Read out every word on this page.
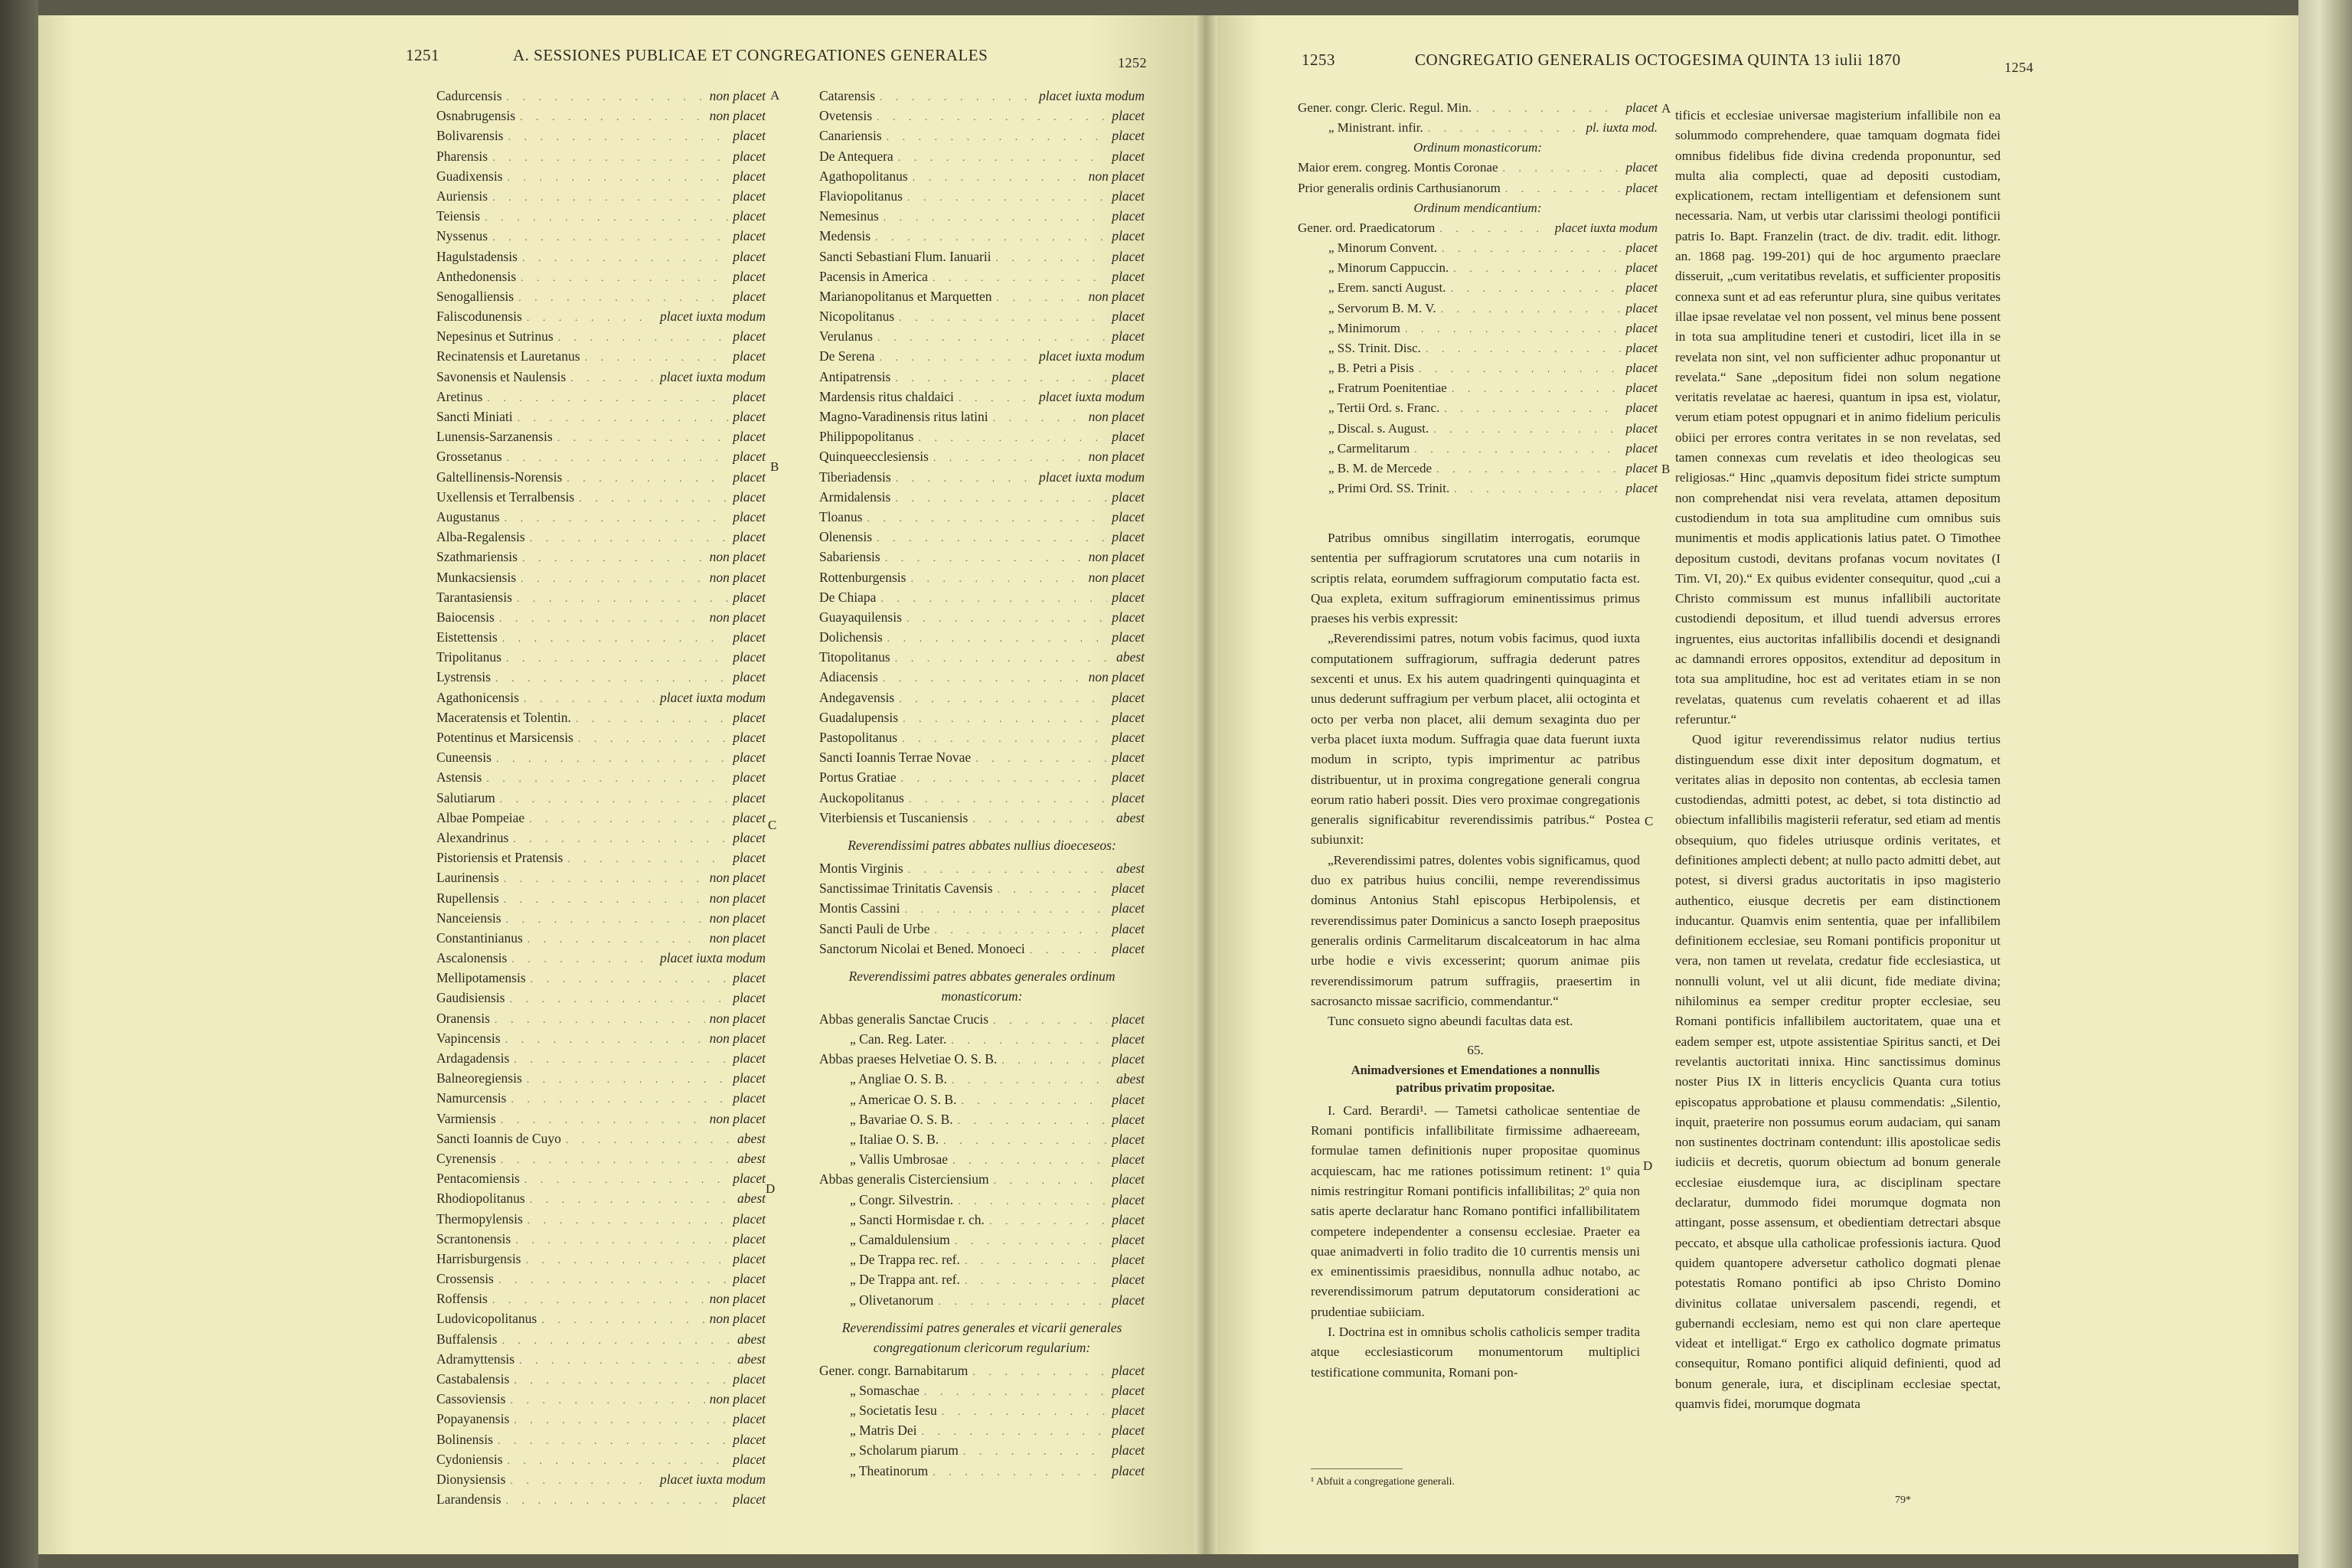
1251	A. SESSIONES PUBLICAE ET CONGREGATIONES GENERALES	1252
Cadurcensis . . .	non placet
Osnabrugensis . . .	non placet
Bolivarensis . . .	placet
Pharensis . . .	placet
Guadixensis . . .	placet
Auriensis . . .	placet
Teiensis . . .	placet
Nyssenus . . .	placet
Hagulstadensis . . .	placet
Anthedonensis . . .	placet
Senogalliensis . . .	placet
Faliscodunensis . . .	placet iuxta modum
Nepesinus et Sutrinus . . .	placet
Recinatensis et Lauretanus . . .	placet
Savonensis et Naulensis . . .	placet iuxta modum
Aretinus . . .	placet
Sancti Miniati . . .	placet
Lunensis-Sarzanensis . . .	placet
Grossetanus . . .	placet
Galtellinensis-Norensis . . .	placet
Uxellensis et Terralbensis . . .	placet
Augustanus . . .	placet
Alba-Regalensis . . .	placet
Szathmariensis . . .	non placet
Munkacsiensis . . .	non placet
Tarantasiensis . . .	placet
Baiocensis . . .	non placet
Eistettensis . . .	placet
Tripolitanus . . .	placet
Lystrensis . . .	placet
Agathonicensis . . .	placet iuxta modum
Maceratensis et Tolentin. . . .	placet
Potentinus et Marsicensis . . .	placet
Cuneensis . . .	placet
Astensis . . .	placet
Salutiarum . . .	placet
Albae Pompeiae . . .	placet
Alexandrinus . . .	placet
Pistoriensis et Pratensis . . .	placet
Laurinensis . . .	non placet
Rupellensis . . .	non placet
Nanceiensis . . .	non placet
Constantinianus . . .	non placet
Ascalonensis . . .	placet iuxta modum
Mellipotamensis . . .	placet
Gaudisiensis . . .	placet
Oranensis . . .	non placet
Vapincensis . . .	non placet
Ardagadensis . . .	placet
Balneoregiensis . . .	placet
Namurcensis . . .	placet
Varmiensis . . .	non placet
Sancti Ioannis de Cuyo . . .	abest
Cyrenensis . . .	abest
Pentacomiensis . . .	placet
Rhodiopolitanus . . .	abest
Thermopylensis . . .	placet
Scrantonensis . . .	placet
Harrisburgensis . . .	placet
Crossensis . . .	placet
Roffensis . . .	non placet
Ludovicopolitanus . . .	non placet
Buffalensis . . .	abest
Adramyttensis . . .	abest
Castabalensis . . .	placet
Cassoviensis . . .	non placet
Popayanensis . . .	placet
Bolinensis . . .	placet
Cydoniensis . . .	placet
Dionysiensis . . .	placet iuxta modum
Larandensis . . .	placet
A
B
C
D
Catarensis . . .	placet iuxta modum
Ovetensis . . .	placet
Canariensis . . .	placet
De Antequera . . .	placet
Agathopolitanus . . .	non placet
Flaviopolitanus . . .	placet
Nemesinus . . .	placet
Medensis . . .	placet
Sancti Sebastiani Flum. Ianuarii . . .	placet
Pacensis in America . . .	placet
Marianopolitanus et Marquetten . . .	non placet
Nicopolitanus . . .	placet
Verulanus . . .	placet
De Serena . . .	placet iuxta modum
Antipatrensis . . .	placet
Mardensis ritus chaldaici . . .	placet iuxta modum
Magno-Varadinensis ritus latini . . .	non placet
Philippopolitanus . . .	placet
Quinqueecclesiensis . . .	non placet
Tiberiadensis . . .	placet iuxta modum
Armidalensis . . .	placet
Tloanus . . .	placet
Olenensis . . .	placet
Sabariensis . . .	non placet
Rottenburgensis . . .	non placet
De Chiapa . . .	placet
Guayaquilensis . . .	placet
Dolichensis . . .	placet
Titopolitanus . . .	abest
Adiacensis . . .	non placet
Andegavensis . . .	placet
Guadalupensis . . .	placet
Pastopolitanus . . .	placet
Sancti Ioannis Terrae Novae . . .	placet
Portus Gratiae . . .	placet
Auckopolitanus . . .	placet
Viterbiensis et Tuscaniensis . . .	abest
Reverendissimi patres abbates nullius dioeceseos:
Montis Virginis . . .	abest
Sanctissimae Trinitatis Cavensis . . .	placet
Montis Cassini . . .	placet
Sancti Pauli de Urbe . . .	placet
Sanctorum Nicolai et Bened. Monoeci . . .	placet
Reverendissimi patres abbates generales ordinum
monasticorum:
Abbas generalis Sanctae Crucis . . .	placet
„ Can. Reg. Later. . . .	placet
Abbas praeses Helvetiae O. S. B. . . .	placet
„ Angliae O. S. B. . . .	abest
„ Americae O. S. B. . . .	placet
„ Bavariae O. S. B. . . .	placet
„ Italiae O. S. B. . . .	placet
„ Vallis Umbrosae . . .	placet
Abbas generalis Cisterciensium . . .	placet
„ Congr. Silvestrin. . . .	placet
„ Sancti Hormisdae r. ch. . . .	placet
„ Camaldulensium . . .	placet
„ De Trappa rec. ref. . . .	placet
„ De Trappa ant. ref. . . .	placet
„ Olivetanorum . . .	placet
Reverendissimi patres generales et vicarii generales
congregationum clericorum regularium:
Gener. congr. Barnabitarum . . .	placet
„ Somaschae . . .	placet
„ Societatis Iesu . . .	placet
„ Matris Dei . . .	placet
„ Scholarum piarum . . .	placet
„ Theatinorum . . .	placet
1253	CONGREGATIO GENERALIS OCTOGESIMA QUINTA 13 iulii 1870	1254
Gener. congr. Cleric. Regul. Min. . . .	placet
„ Ministrant. infir. . . .	pl. iuxta mod.
Ordinum monasticorum:
Maior erem. congreg. Montis Coronae . . .	placet
Prior generalis ordinis Carthusianorum . . .	placet
Ordinum mendicantium:
Gener. ord. Praedicatorum . . .	placet iuxta modum
„ Minorum Convent. . . .	placet
„ Minorum Cappuccin. . . .	placet
„ Erem. sancti August. . . .	placet
„ Servorum B. M. V. . . .	placet
„ Minimorum . . .	placet
„ SS. Trinit. Disc. . . .	placet
„ B. Petri a Pisis . . .	placet
„ Fratrum Poenitentiae . . .	placet
„ Tertii Ord. s. Franc. . . .	placet
„ Discal. s. August. . . .	placet
„ Carmelitarum . . .	placet
„ B. M. de Mercede . . .	placet
„ Primi Ord. SS. Trinit. . . .	placet
A
B
C
D

Patribus omnibus singillatim interrogatis, eorumque sententia per suffragiorum scrutatores una cum notariis in scriptis relata, eorumdem suffragiorum computatio facta est. Qua expleta, exitum suffragiorum eminentissimus primus praeses his verbis expressit:

„Reverendissimi patres, notum vobis facimus, quod iuxta computationem suffragiorum, suffragia dederunt patres sexcenti et unus. Ex his autem quadringenti quinquaginta et unus dederunt suffragium per verbum placet, alii octoginta et octo per verba non placet, alii demum sexaginta duo per verba placet iuxta modum. Suffragia quae data fuerunt iuxta modum in scripto, typis imprimentur ac patribus distribuentur, ut in proxima congregatione generali congrua eorum ratio haberi possit. Dies vero proximae congregationis generalis significabitur reverendissimis patribus.“ Postea subiunxit:

„Reverendissimi patres, dolentes vobis significamus, quod duo ex patribus huius concilii, nempe reverendissimus dominus Antonius Stahl episcopus Herbipolensis, et reverendissimus pater Dominicus a sancto Ioseph praepositus generalis ordinis Carmelitarum discalceatorum in hac alma urbe hodie e vivis excesserint; quorum animae piis reverendissimorum patrum suffragiis, praesertim in sacrosancto missae sacrificio, commendantur.“

Tunc consueto signo abeundi facultas data est.

65.
Animadversiones et Emendationes a nonnullis
patribus privatim propositae.

I. Card. Berardi¹. — Tametsi catholicae sententiae de Romani pontificis infallibilitate firmissime adhaereeam, formulae tamen definitionis nuper propositae quominus acquiescam, hac me rationes potissimum retinent: 1º quia nimis restringitur Romani pontificis infallibilitas; 2º quia non satis aperte declaratur hanc Romano pontifici infallibilitatem competere independenter a consensu ecclesiae. Praeter ea quae animadverti in folio tradito die 10 currentis mensis uni ex eminentissimis praesidibus, nonnulla adhuc notabo, ac reverendissimorum patrum deputatorum considerationi ac prudentiae subiiciam.

I. Doctrina est in omnibus scholis catholicis semper tradita atque ecclesiasticorum monumentorum multiplici testificatione communita, Romani pon-

¹ Abfuit a congregatione generali.

tificis et ecclesiae universae magisterium infallibile non ea solummodo comprehendere, quae tamquam dogmata fidei omnibus fidelibus fide divina credenda proponuntur, sed multa alia complecti, quae ad depositi custodiam, explicationem, rectam intelligentiam et defensionem sunt necessaria. Nam, ut verbis utar clarissimi theologi pontificii patris Io. Bapt. Franzelin (tract. de div. tradit. edit. lithogr. an. 1868 pag. 199-201) qui de hoc argumento praeclare disseruit, „cum veritatibus revelatis, et sufficienter propositis connexa sunt et ad eas referuntur plura, sine quibus veritates illae ipsae revelatae vel non possent, vel minus bene possent in tota sua amplitudine teneri et custodiri, licet illa in se revelata non sint, vel non sufficienter adhuc proponantur ut revelata.“ Sane „depositum fidei non solum negatione veritatis revelatae ac haeresi, quantum in ipsa est, violatur, verum etiam potest oppugnari et in animo fidelium periculis obiici per errores contra veritates in se non revelatas, sed tamen connexas cum revelatis et ideo theologicas seu religiosas.“ Hinc „quamvis depositum fidei stricte sumptum non comprehendat nisi vera revelata, attamen depositum custodiendum in tota sua amplitudine cum omnibus suis munimentis et modis applicationis latius patet. O Timothee depositum custodi, devitans profanas vocum novitates (I Tim. VI, 20).“ Ex quibus evidenter consequitur, quod „cui a Christo commissum est munus infallibili auctoritate custodiendi depositum, et illud tuendi adversus errores ingruentes, eius auctoritas infallibilis docendi et designandi ac damnandi errores oppositos, extenditur ad depositum in tota sua amplitudine, hoc est ad veritates etiam in se non revelatas, quatenus cum revelatis cohaerent et ad illas referuntur.“

Quod igitur reverendissimus relator nudius tertius distinguendum esse dixit inter depositum dogmatum, et veritates alias in deposito non contentas, ab ecclesia tamen custodiendas, admitti potest, ac debet, si tota distinctio ad obiectum infallibilis magisterii referatur, sed etiam ad mentis obsequium, quo fideles utriusque ordinis veritates, et definitiones amplecti debent; at nullo pacto admitti debet, aut potest, si diversi gradus auctoritatis in ipso magisterio authentico, eiusque decretis per eam distinctionem inducantur. Quamvis enim sententia, quae per infallibilem definitionem ecclesiae, seu Romani pontificis proponitur ut vera, non tamen ut revelata, credatur fide ecclesiastica, ut nonnulli volunt, vel ut alii dicunt, fide mediate divina; nihilominus ea semper creditur propter ecclesiae, seu Romani pontificis infallibilem auctoritatem, quae una et eadem semper est, utpote assistentiae Spiritus sancti, et Dei revelantis auctoritati innixa. Hinc sanctissimus dominus noster Pius IX in litteris encyclicis Quanta cura totius episcopatus approbatione et plausu commendatis: „Silentio, inquit, praeterire non possumus eorum audaciam, qui sanam non sustinentes doctrinam contendunt: illis apostolicae sedis iudiciis et decretis, quorum obiectum ad bonum generale ecclesiae eiusdemque iura, ac disciplinam spectare declaratur, dummodo fidei morumque dogmata non attingant, posse assensum, et obedientiam detrectari absque peccato, et absque ulla catholicae professionis iactura. Quod quidem quantopere adversetur catholico dogmati plenae potestatis Romano pontifici ab ipso Christo Domino divinitus collatae universalem pascendi, regendi, et gubernandi ecclesiam, nemo est qui non clare aperteque videat et intelligat.“ Ergo ex catholico dogmate primatus consequitur, Romano pontifici aliquid definienti, quod ad bonum generale, iura, et disciplinam ecclesiae spectat, quamvis fidei, morumque dogmata

79*
